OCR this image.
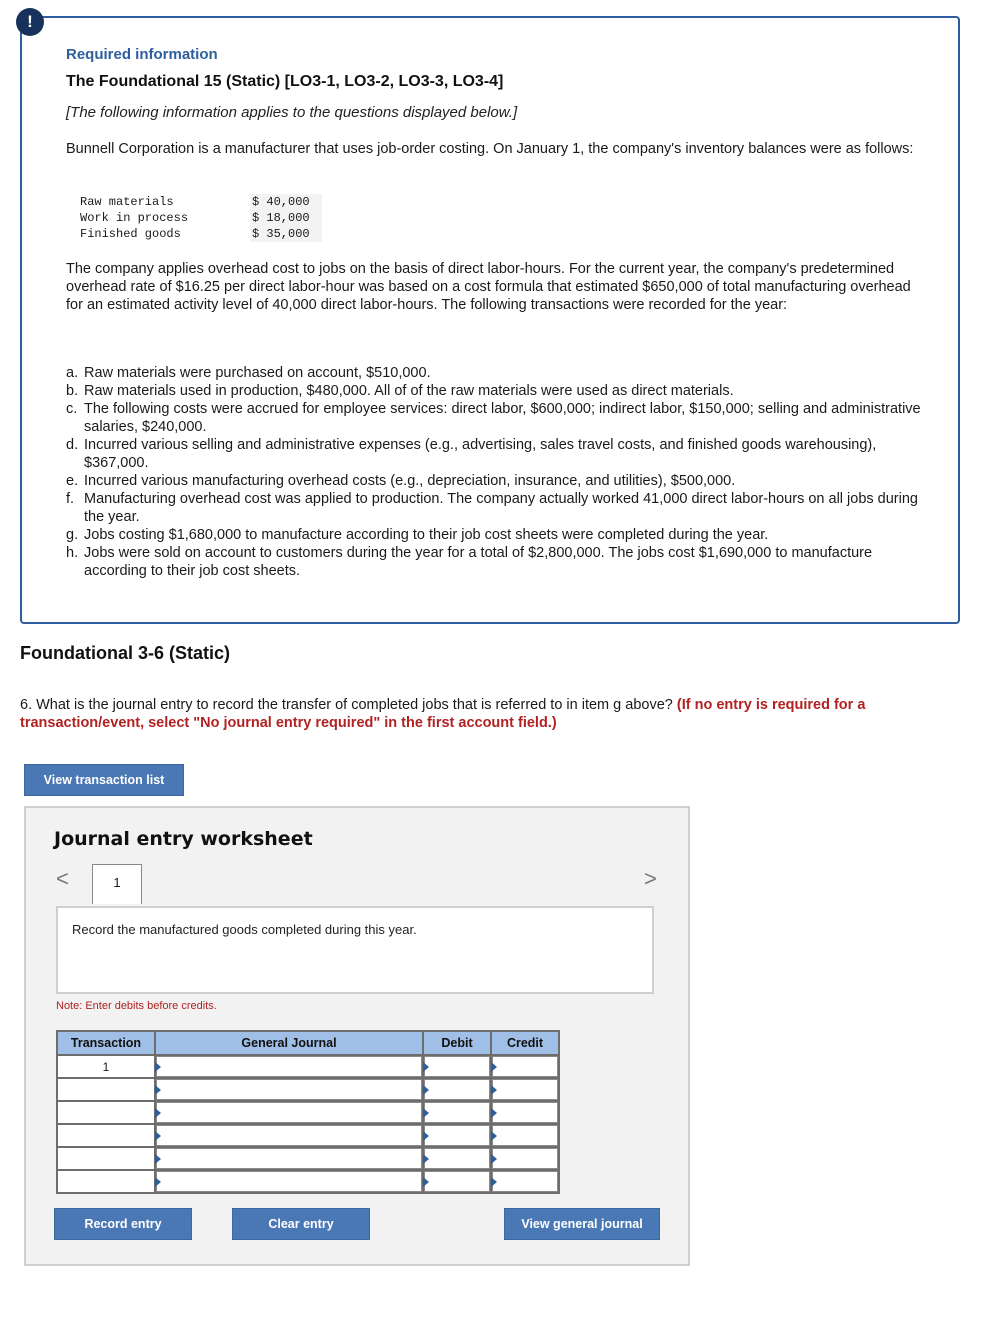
!
Required information
The Foundational 15 (Static) [LO3-1, LO3-2, LO3-3, LO3-4]
[The following information applies to the questions displayed below.]
Bunnell Corporation is a manufacturer that uses job-order costing. On January 1, the company's inventory balances were as follows:
Raw materials	$ 40,000
Work in process	$ 18,000
Finished goods	$ 35,000
The company applies overhead cost to jobs on the basis of direct labor-hours. For the current year, the company's predetermined overhead rate of $16.25 per direct labor-hour was based on a cost formula that estimated $650,000 of total manufacturing overhead for an estimated activity level of 40,000 direct labor-hours. The following transactions were recorded for the year:
a. Raw materials were purchased on account, $510,000.
b. Raw materials used in production, $480,000. All of of the raw materials were used as direct materials.
c. The following costs were accrued for employee services: direct labor, $600,000; indirect labor, $150,000; selling and administrative salaries, $240,000.
d. Incurred various selling and administrative expenses (e.g., advertising, sales travel costs, and finished goods warehousing), $367,000.
e. Incurred various manufacturing overhead costs (e.g., depreciation, insurance, and utilities), $500,000.
f. Manufacturing overhead cost was applied to production. The company actually worked 41,000 direct labor-hours on all jobs during the year.
g. Jobs costing $1,680,000 to manufacture according to their job cost sheets were completed during the year.
h. Jobs were sold on account to customers during the year for a total of $2,800,000. The jobs cost $1,690,000 to manufacture according to their job cost sheets.
Foundational 3-6 (Static)
6. What is the journal entry to record the transfer of completed jobs that is referred to in item g above? (If no entry is required for a transaction/event, select "No journal entry required" in the first account field.)
View transaction list
Journal entry worksheet
<	1	>
Record the manufactured goods completed during this year.
Note: Enter debits before credits.
Transaction	General Journal	Debit	Credit
1	

Record entry	Clear entry	View general journal
